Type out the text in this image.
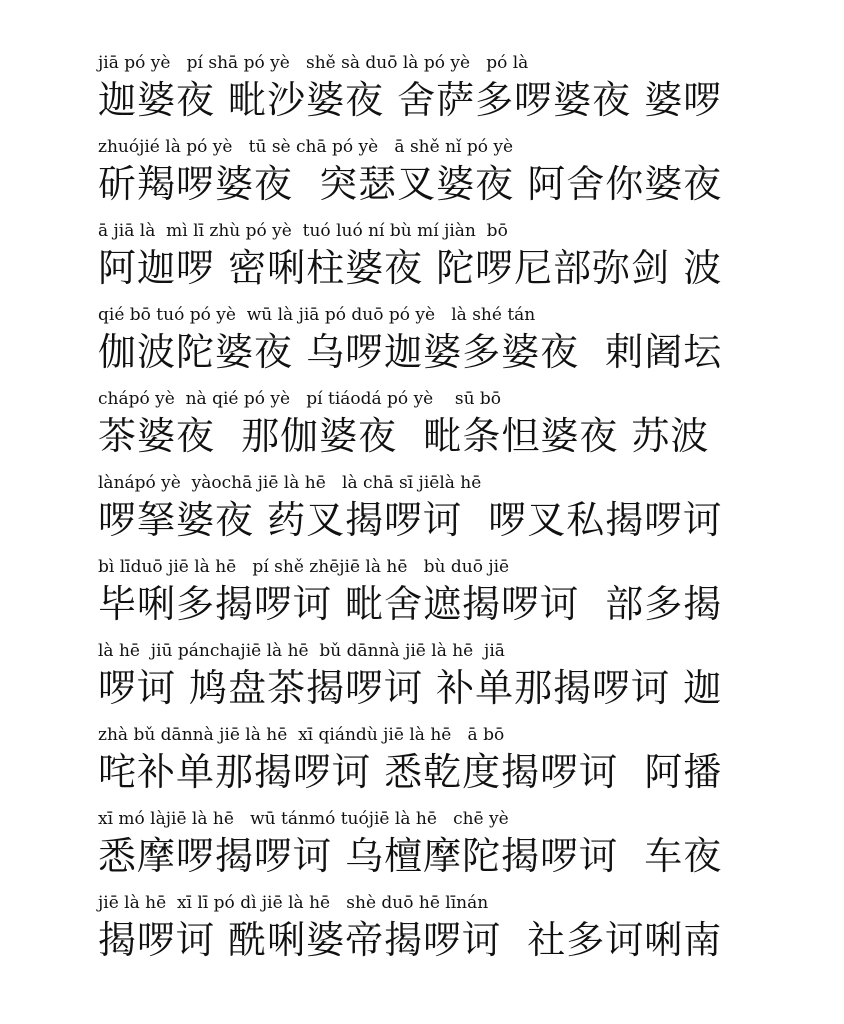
jiā pó yè   pí shā pó yè   shě sà duō là pó yè   pó là
迦婆夜 毗沙婆夜 舍萨多啰婆夜 婆啰
zhuójié là pó yè   tū sè chā pó yè   ā shě nǐ pó yè
斫羯啰婆夜  突瑟叉婆夜 阿舍你婆夜
ā jiā là  mì lī zhù pó yè  tuó luó ní bù mí jiàn  bō
阿迦啰 密唎柱婆夜 陀啰尼部弥剑 波
qié bō tuó pó yè  wū là jiā pó duō pó yè   là shé tán
伽波陀婆夜 乌啰迦婆多婆夜  剌阇坛
chápó yè  nà qié pó yè   pí tiáodá pó yè    sū bō
茶婆夜  那伽婆夜  毗条怛婆夜 苏波
lànápó yè  yàochā jiē là hē   là chā sī jiēlà hē
啰拏婆夜 药叉揭啰诃  啰叉私揭啰诃
bì līduō jiē là hē   pí shě zhējiē là hē   bù duō jiē
毕唎多揭啰诃 毗舍遮揭啰诃  部多揭
là hē  jiū pánchajiē là hē  bǔ dānnà jiē là hē  jiā
啰诃 鸠盘茶揭啰诃 补单那揭啰诃 迦
zhà bǔ dānnà jiē là hē  xī qiándù jiē là hē   ā bō
咤补单那揭啰诃 悉乾度揭啰诃  阿播
xī mó làjiē là hē   wū tánmó tuójiē là hē   chē yè
悉摩啰揭啰诃 乌檀摩陀揭啰诃  车夜
jiē là hē  xī lī pó dì jiē là hē   shè duō hē līnán
揭啰诃 酰唎婆帝揭啰诃  社多诃唎南
